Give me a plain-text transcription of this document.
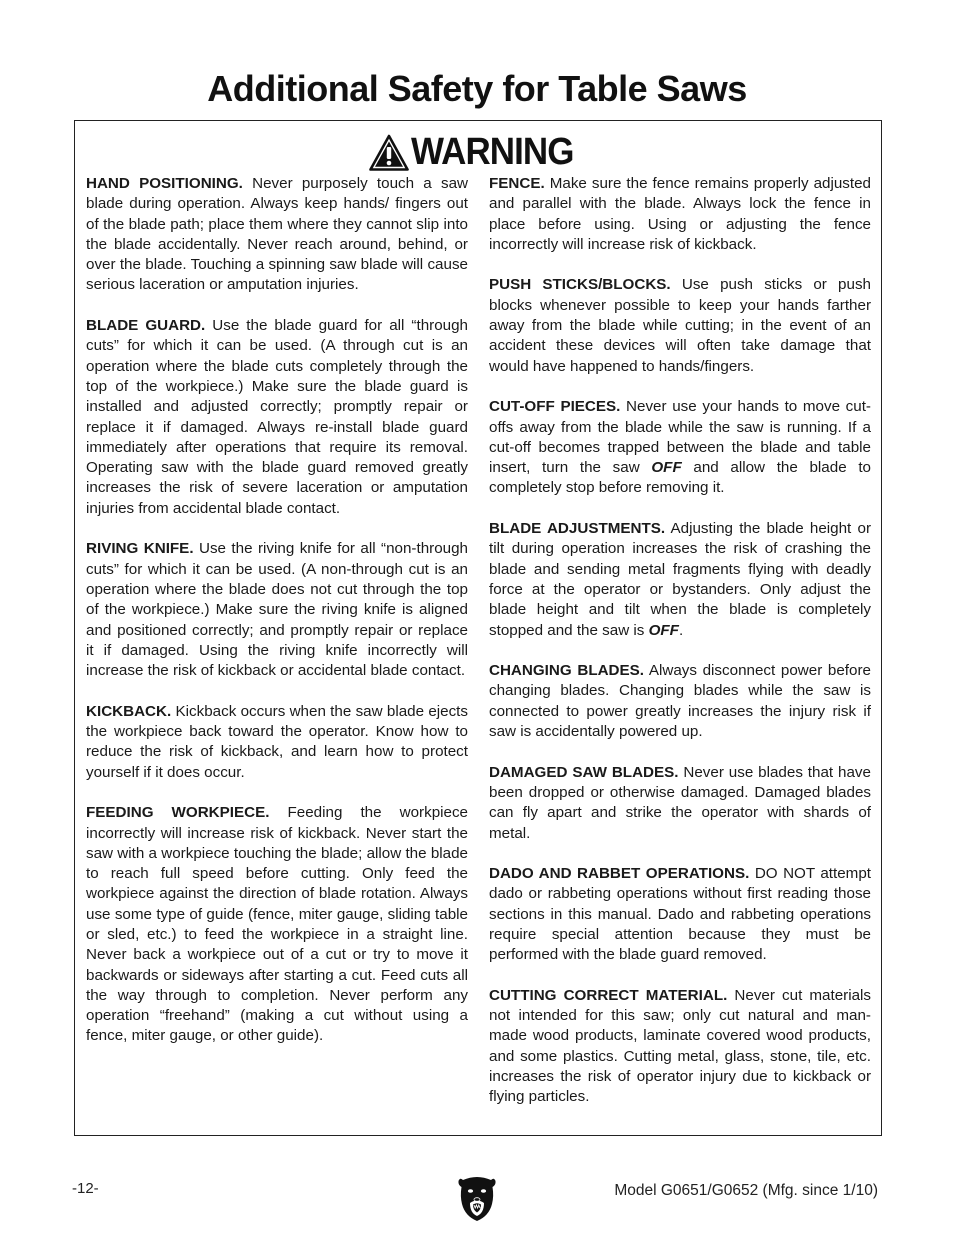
Additional Safety for Table Saws
WARNING
HAND POSITIONING. Never purposely touch a saw blade during operation. Always keep hands/ fingers out of the blade path; place them where they cannot slip into the blade accidentally. Never reach around, behind, or over the blade. Touching a spinning saw blade will cause serious laceration or amputation injuries.
BLADE GUARD. Use the blade guard for all “through cuts” for which it can be used. (A through cut is an operation where the blade cuts completely through the top of the workpiece.) Make sure the blade guard is installed and adjusted correctly; promptly repair or replace it if damaged. Always re-install blade guard immediately after operations that require its removal. Operating saw with the blade guard removed greatly increases the risk of severe laceration or amputation injuries from accidental blade contact.
RIVING KNIFE. Use the riving knife for all “non-through cuts” for which it can be used. (A non-through cut is an operation where the blade does not cut through the top of the workpiece.) Make sure the riving knife is aligned and positioned correctly; and promptly repair or replace it if damaged. Using the riving knife incorrectly will increase the risk of kickback or accidental blade contact.
KICKBACK. Kickback occurs when the saw blade ejects the workpiece back toward the operator. Know how to reduce the risk of kickback, and learn how to protect yourself if it does occur.
FEEDING WORKPIECE. Feeding the workpiece incorrectly will increase risk of kickback. Never start the saw with a workpiece touching the blade; allow the blade to reach full speed before cutting. Only feed the workpiece against the direction of blade rotation. Always use some type of guide (fence, miter gauge, sliding table or sled, etc.) to feed the workpiece in a straight line. Never back a workpiece out of a cut or try to move it backwards or sideways after starting a cut. Feed cuts all the way through to completion. Never perform any operation “freehand” (making a cut without using a fence, miter gauge, or other guide).
FENCE. Make sure the fence remains properly adjusted and parallel with the blade. Always lock the fence in place before using. Using or adjusting the fence incorrectly will increase risk of kickback.
PUSH STICKS/BLOCKS. Use push sticks or push blocks whenever possible to keep your hands farther away from the blade while cutting; in the event of an accident these devices will often take damage that would have happened to hands/fingers.
CUT-OFF PIECES. Never use your hands to move cut-offs away from the blade while the saw is running. If a cut-off becomes trapped between the blade and table insert, turn the saw OFF and allow the blade to completely stop before removing it.
BLADE ADJUSTMENTS. Adjusting the blade height or tilt during operation increases the risk of crashing the blade and sending metal fragments flying with deadly force at the operator or bystanders. Only adjust the blade height and tilt when the blade is completely stopped and the saw is OFF.
CHANGING BLADES. Always disconnect power before changing blades. Changing blades while the saw is connected to power greatly increases the injury risk if saw is accidentally powered up.
DAMAGED SAW BLADES. Never use blades that have been dropped or otherwise damaged. Damaged blades can fly apart and strike the operator with shards of metal.
DADO AND RABBET OPERATIONS. DO NOT attempt dado or rabbeting operations without first reading those sections in this manual. Dado and rabbeting operations require special attention because they must be performed with the blade guard removed.
CUTTING CORRECT MATERIAL. Never cut materials not intended for this saw; only cut natural and man-made wood products, laminate covered wood products, and some plastics. Cutting metal, glass, stone, tile, etc. increases the risk of operator injury due to kickback or flying particles.
-12-	Model G0651/G0652 (Mfg. since 1/10)
